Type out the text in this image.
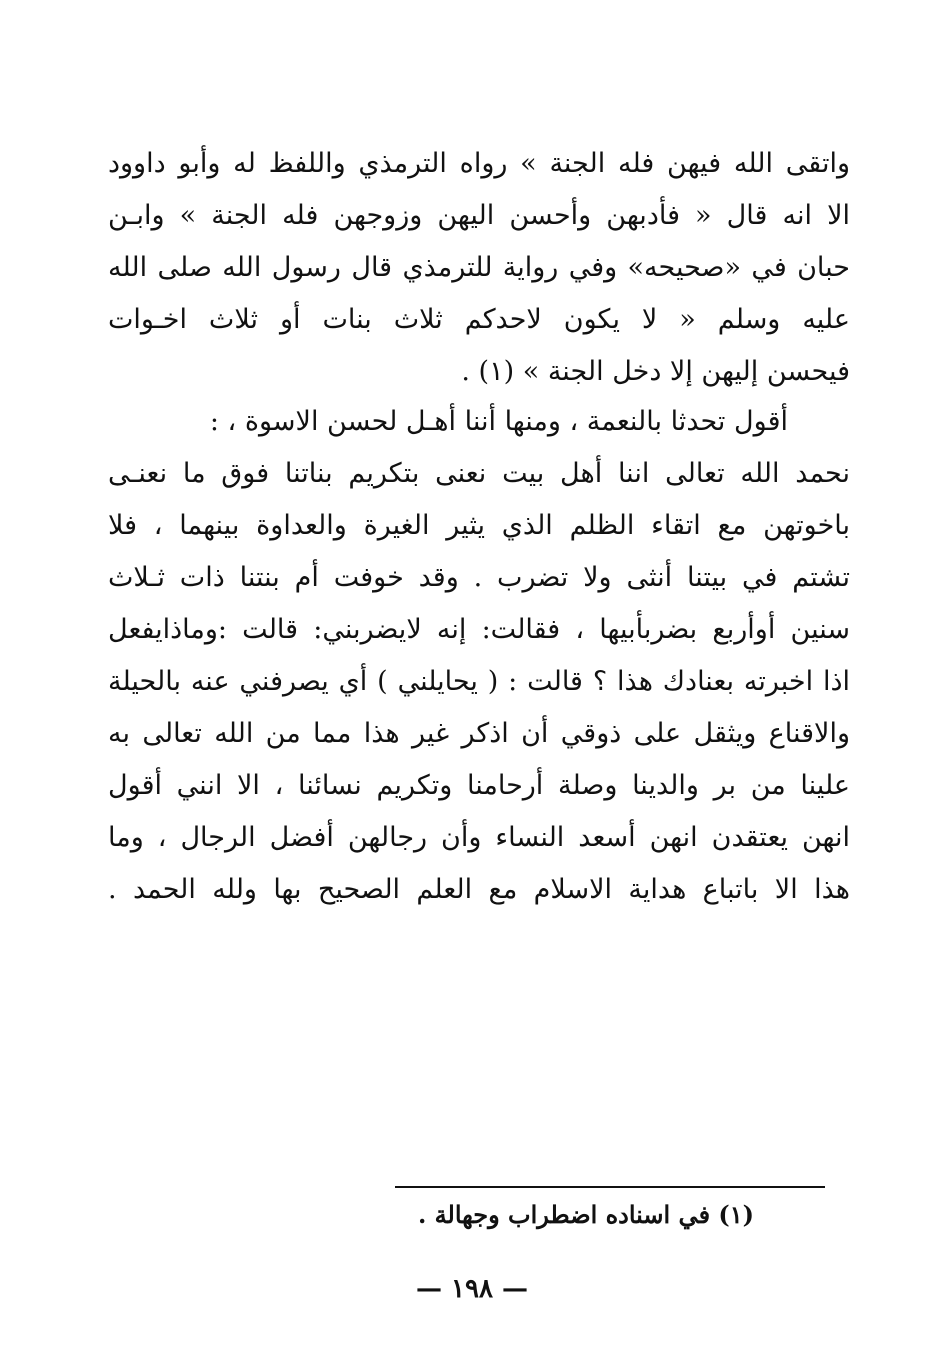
واتقى الله فيهن فله الجنة » رواه الترمذي واللفظ له وأبو داوود
الا انه قال « فأدبهن وأحسن اليهن وزوجهن فله الجنة » وابـن
حبان في «صحيحه» وفي رواية للترمذي قال رسول الله صلى الله
عليه وسلم « لا يكون لاحدكم ثلاث بنات أو ثلاث اخـوات
فيحسن إليهن إلا دخل الجنة » (١) .
أقول تحدثا بالنعمة ، ومنها أننا أهـل لحسن الاسوة ، :
نحمد الله تعالى اننا أهل بيت نعنى بتكريم بناتنا فوق ما نعنـى
باخوتهن مع اتقاء الظلم الذي يثير الغيرة والعداوة بينهما ، فلا
تشتم في بيتنا أنثى ولا تضرب . وقد خوفت أم بنتنا ذات ثـلاث
سنين أوأربع بضربأبيها ، فقالت: إنه لايضربني: قالت :وماذايفعل
اذا اخبرته بعنادك هذا ؟ قالت : ( يحايلني ) أي يصرفني عنه بالحيلة
والاقناع ويثقل على ذوقي أن اذكر غير هذا مما من الله تعالى به
علينا من بر والدينا وصلة أرحامنا وتكريم نسائنا ، الا انني أقول
انهن يعتقدن انهن أسعد النساء وأن رجالهن أفضل الرجال ، وما
هذا الا باتباع هداية الاسلام مع العلم الصحيح بها ولله الحمد .
(١) في اسناده اضطراب وجهالة .
— ١٩٨ —
